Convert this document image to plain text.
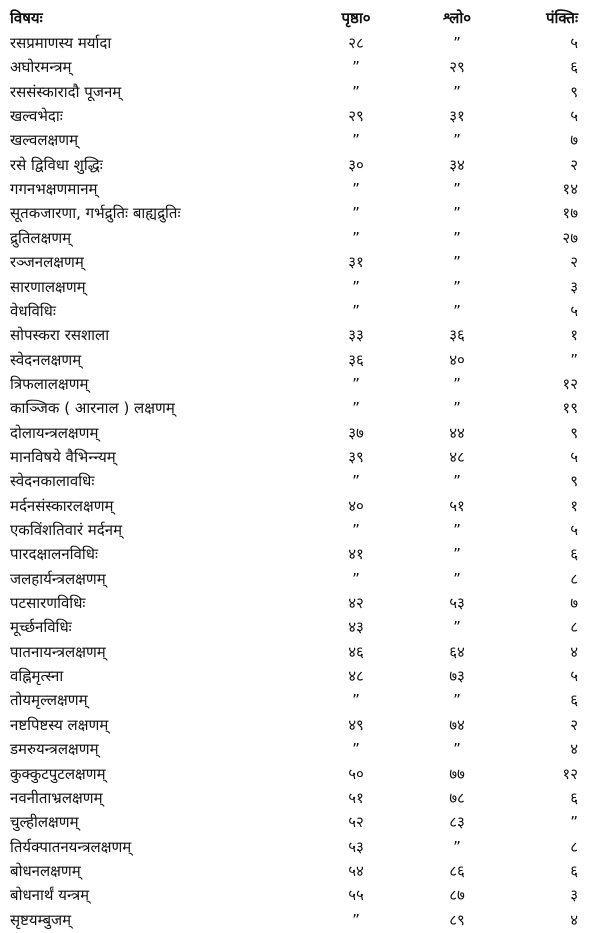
विषयः	पृष्ठा०	श्लो०	पंक्तिः
रसप्रमाणस्य मर्यादा	२८	”	५
अघोरमन्त्रम्	”	२९	६
रससंस्कारादौ पूजनम्	”	”	९
खल्वभेदाः	२९	३१	५
खल्वलक्षणम्	”	”	७
रसे द्विविधा शुद्धिः	३०	३४	२
गगनभक्षणमानम्	”	”	१४
सूतकजारणा, गर्भद्रुतिः बाह्यद्रुतिः	”	”	१७
द्रुतिलक्षणम्	”	”	२७
रञ्जनलक्षणम्	३१	”	२
सारणालक्षणम्	”	”	३
वेधविधिः	”	”	५
सोपस्करा रसशाला	३३	३६	१
स्वेदनलक्षणम्	३६	४०	”
त्रिफलालक्षणम्	”	”	१२
काञ्जिक ( आरनाल ) लक्षणम्	”	”	१९
दोलायन्त्रलक्षणम्	३७	४४	९
मानविषये वैभिन्न्यम्	३९	४८	५
स्वेदनकालावधिः	”	”	९
मर्दनसंस्कारलक्षणम्	४०	५१	१
एकविंशतिवारं मर्दनम्	”	”	५
पारदक्षालनविधिः	४१	”	६
जलहार्यन्त्रलक्षणम्	”	”	८
पटसारणविधिः	४२	५३	७
मूर्च्छनविधिः	४३	”	८
पातनायन्त्रलक्षणम्	४६	६४	४
वह्निमृत्स्ना	४८	७३	५
तोयमृल्लक्षणम्	”	”	६
नष्टपिष्टस्य लक्षणम्	४९	७४	२
डमरुयन्त्रलक्षणम्	”	”	४
कुक्कुटपुटलक्षणम्	५०	७७	१२
नवनीताभ्रलक्षणम्	५१	७८	६
चुल्हीलक्षणम्	५२	८३	”
तिर्यक्पातनयन्त्रलक्षणम्	५३	”	८
बोधनलक्षणम्	५४	८६	६
बोधनार्थं यन्त्रम्	५५	८७	३
सृष्टयम्बुजम्	”	८९	४
